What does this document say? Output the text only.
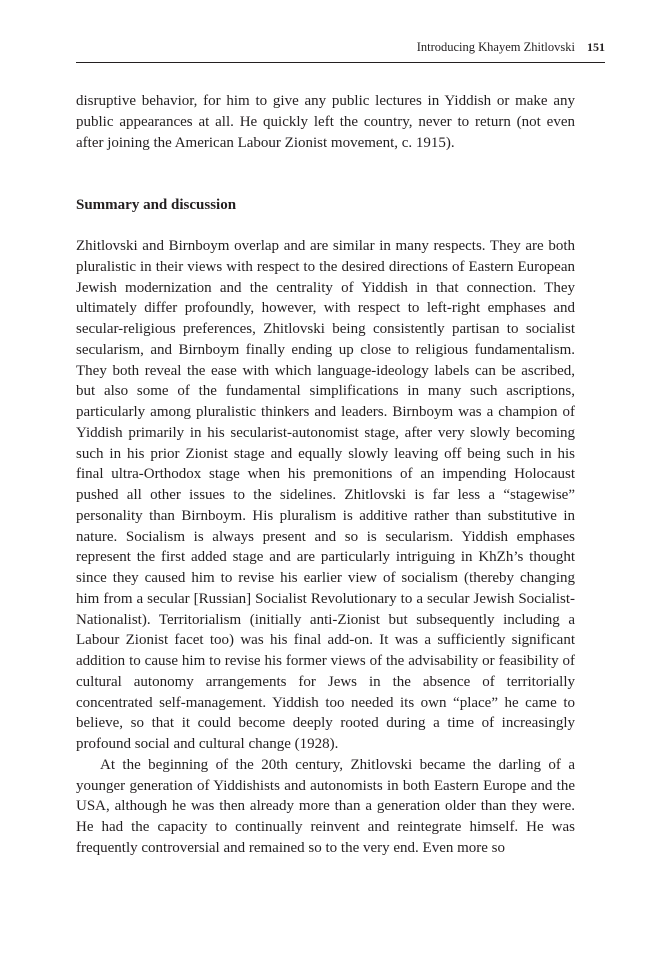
Introducing Khayem Zhitlovski 151

disruptive behavior, for him to give any public lectures in Yiddish or make any public appearances at all. He quickly left the country, never to return (not even after joining the American Labour Zionist movement, c. 1915).

Summary and discussion

Zhitlovski and Birnboym overlap and are similar in many respects. They are both pluralistic in their views with respect to the desired directions of Eastern European Jewish modernization and the centrality of Yiddish in that connection. They ultimately differ profoundly, however, with respect to left-right emphases and secular-religious preferences, Zhitlovski being consistently partisan to socialist secularism, and Birnboym finally ending up close to religious fundamentalism. They both reveal the ease with which language-ideology labels can be ascribed, but also some of the fundamental simplifications in many such ascriptions, particularly among pluralistic thinkers and leaders. Birnboym was a champion of Yiddish primarily in his secularist-autonomist stage, after very slowly becoming such in his prior Zionist stage and equally slowly leaving off being such in his final ultra-Orthodox stage when his premonitions of an impending Holocaust pushed all other issues to the sidelines. Zhitlovski is far less a “stagewise” personality than Birnboym. His pluralism is additive rather than substitutive in nature. Socialism is always present and so is secularism. Yiddish emphases represent the first added stage and are particularly intriguing in KhZh’s thought since they caused him to revise his earlier view of socialism (thereby changing him from a secular [Russian] Socialist Revolutionary to a secular Jewish Socialist-Nationalist). Territorialism (initially anti-Zionist but subsequently including a Labour Zionist facet too) was his final add-on. It was a sufficiently significant addition to cause him to revise his former views of the advisability or feasibility of cultural autonomy arrangements for Jews in the absence of territorially concentrated self-management. Yiddish too needed its own “place” he came to believe, so that it could become deeply rooted during a time of increasingly profound social and cultural change (1928).

At the beginning of the 20th century, Zhitlovski became the darling of a younger generation of Yiddishists and autonomists in both Eastern Europe and the USA, although he was then already more than a generation older than they were. He had the capacity to continually reinvent and reintegrate himself. He was frequently controversial and remained so to the very end. Even more so
